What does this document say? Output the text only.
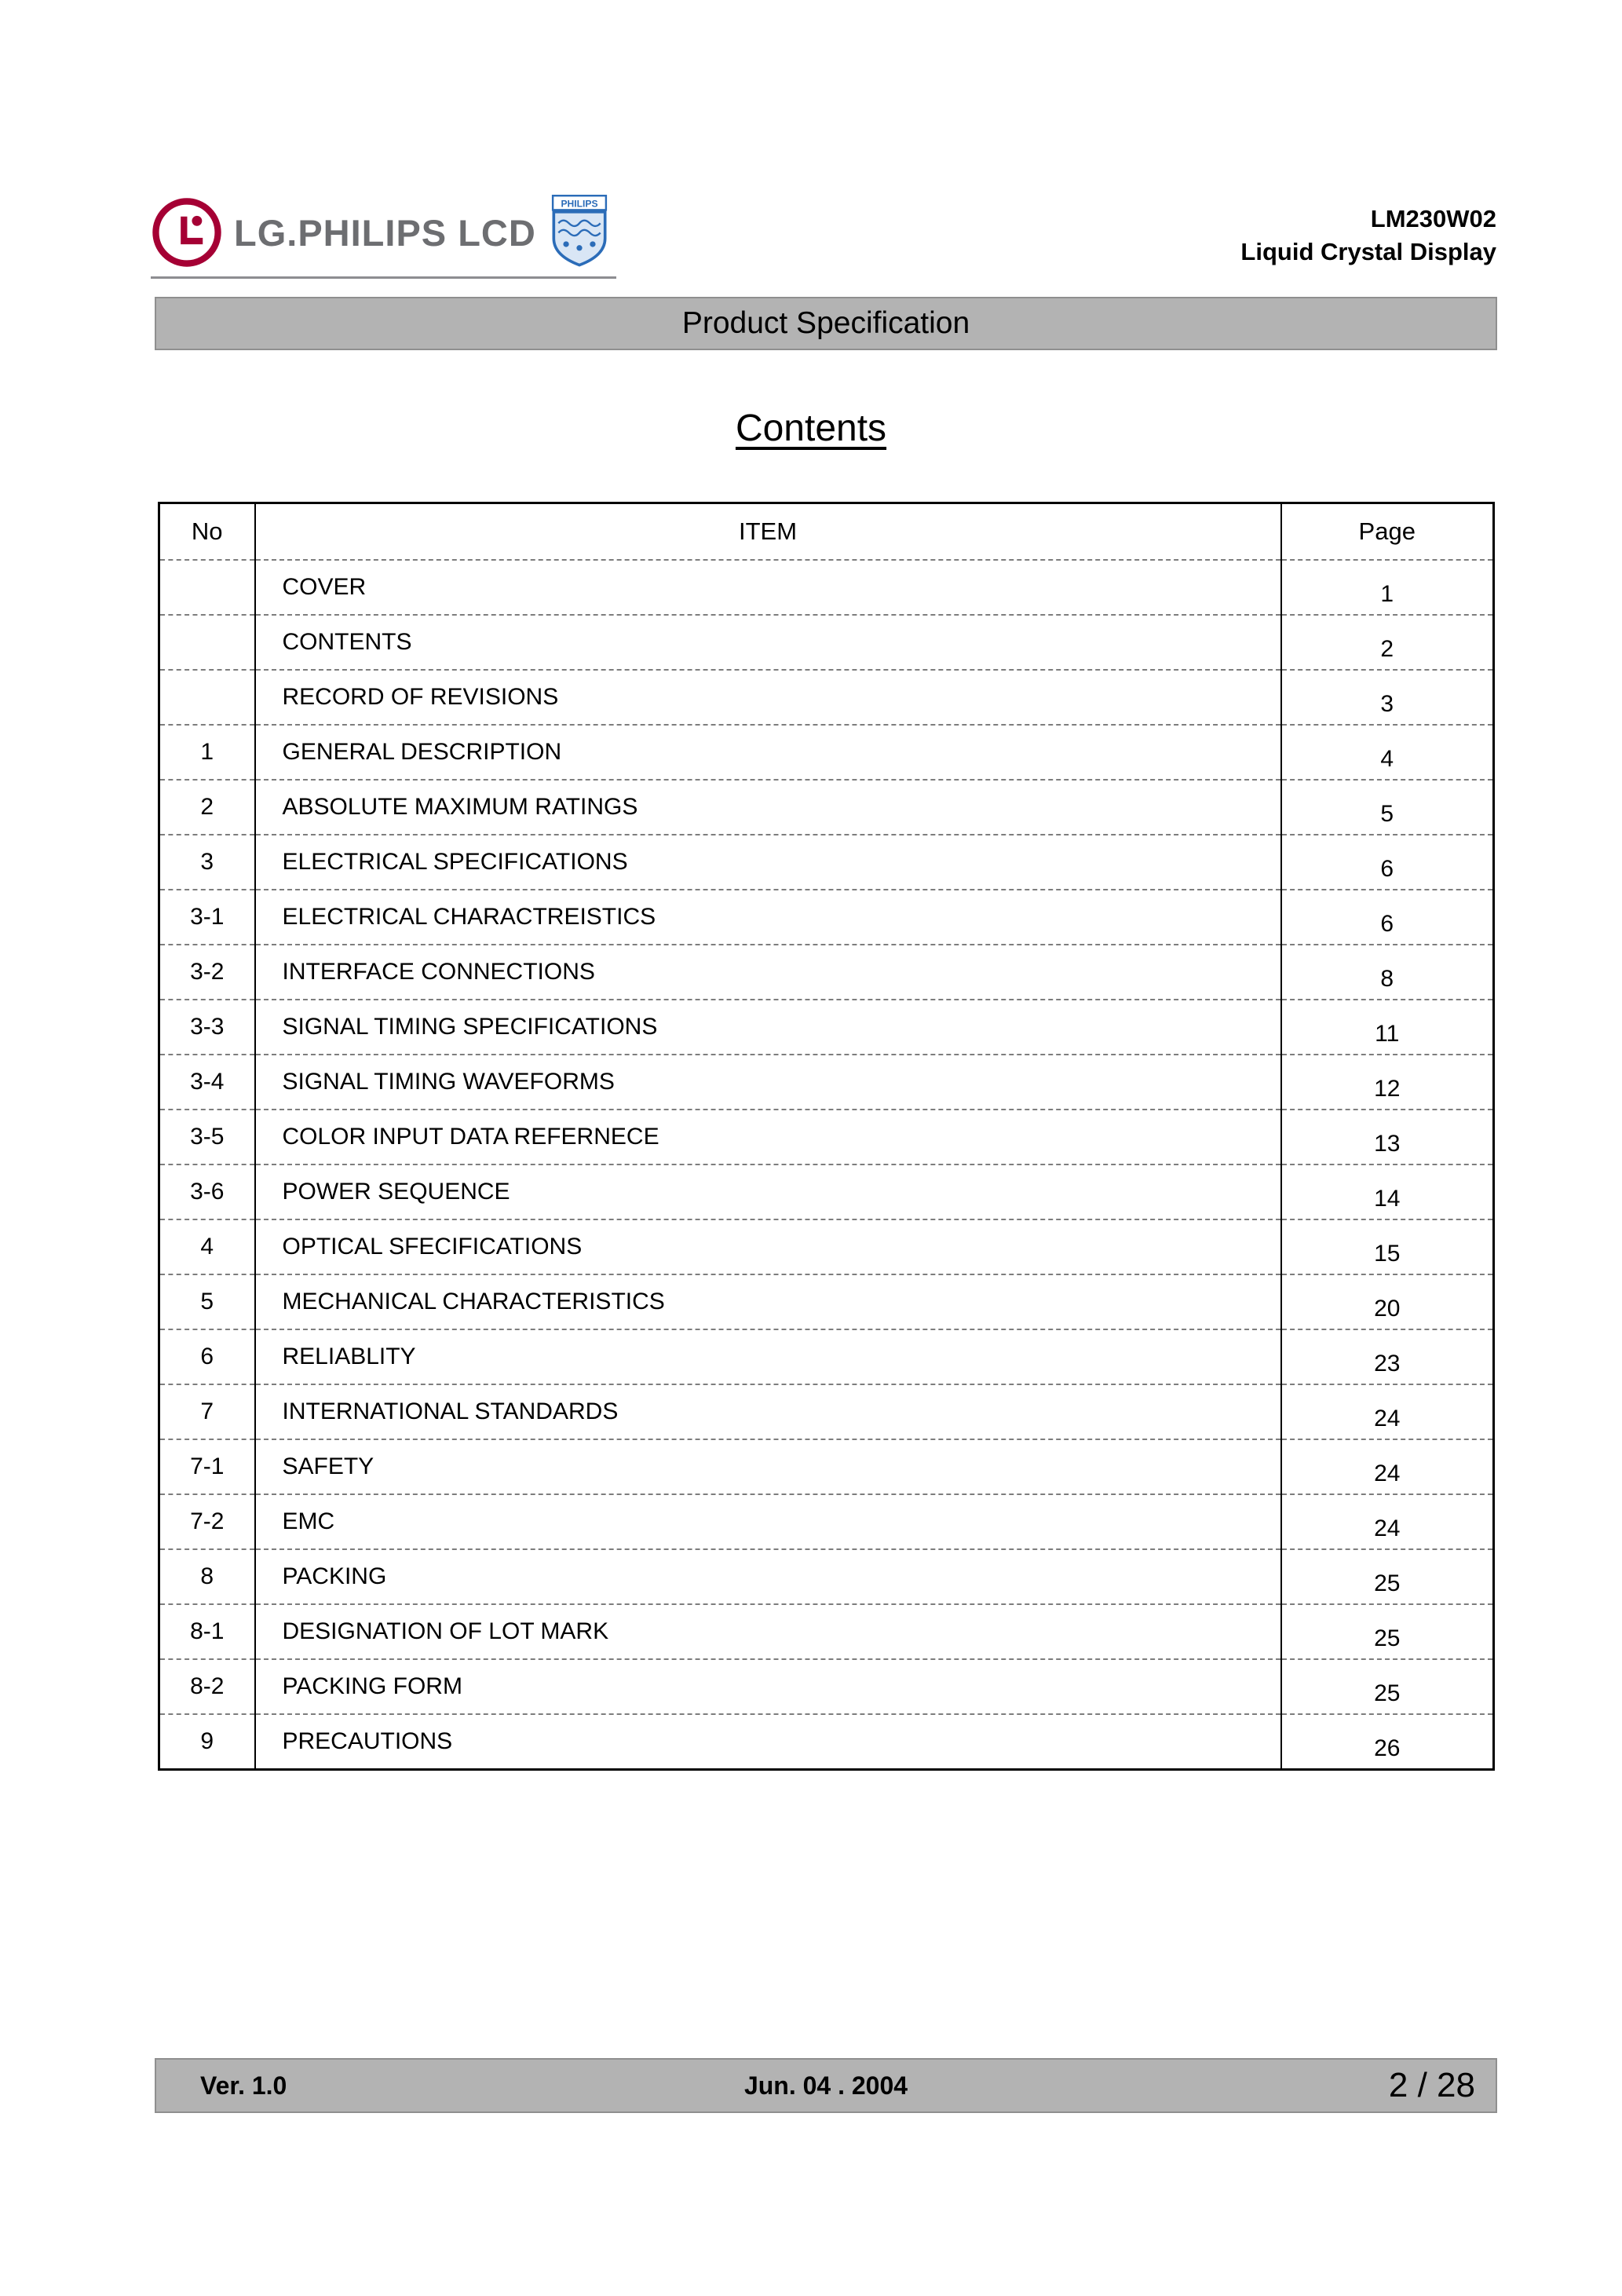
LG.PHILIPS LCD
PHILIPS
LM230W02
Liquid Crystal Display
Product Specification
Contents
No	ITEM	Page
	COVER	1
	CONTENTS	2
	RECORD OF REVISIONS	3
1	GENERAL DESCRIPTION	4
2	ABSOLUTE MAXIMUM RATINGS	5
3	ELECTRICAL SPECIFICATIONS	6
3-1	ELECTRICAL CHARACTREISTICS	6
3-2	INTERFACE CONNECTIONS	8
3-3	SIGNAL TIMING SPECIFICATIONS	11
3-4	SIGNAL TIMING WAVEFORMS	12
3-5	COLOR INPUT DATA REFERNECE	13
3-6	POWER SEQUENCE	14
4	OPTICAL SFECIFICATIONS	15
5	MECHANICAL CHARACTERISTICS	20
6	RELIABLITY	23
7	INTERNATIONAL STANDARDS	24
7-1	SAFETY	24
7-2	EMC	24
8	PACKING	25
8-1	DESIGNATION OF LOT MARK	25
8-2	PACKING FORM	25
9	PRECAUTIONS	26
Ver. 1.0	Jun. 04 . 2004	2 / 28
